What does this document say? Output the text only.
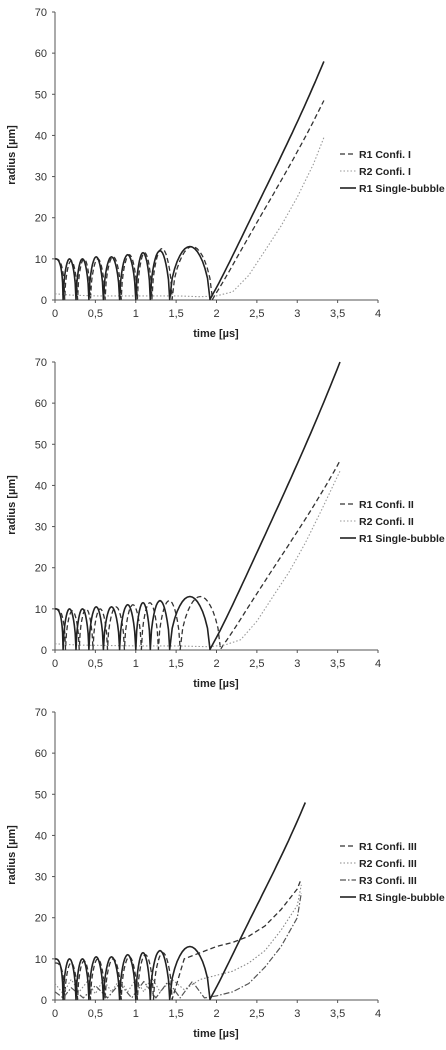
0
10
20
30
40
50
60
70
0	0,5	1	1,5	2	2,5	3	3,5	4
R1 Confi. I
R2 Confi. I
R1 Single-bubble
radius [µm]
time [µs]
0
10
20
30
40
50
60
70
0	0,5	1	1,5	2	2,5	3	3,5	4
R1 Confi. II
R2 Confi. II
R1 Single-bubble
radius [µm]
time [µs]
0
10
20
30
40
50
60
70
0	0,5	1	1,5	2	2,5	3	3,5	4
R1 Confi. III
R2 Confi. III
R3 Confi. III
R1 Single-bubble
radius [µm]
time [µs]
